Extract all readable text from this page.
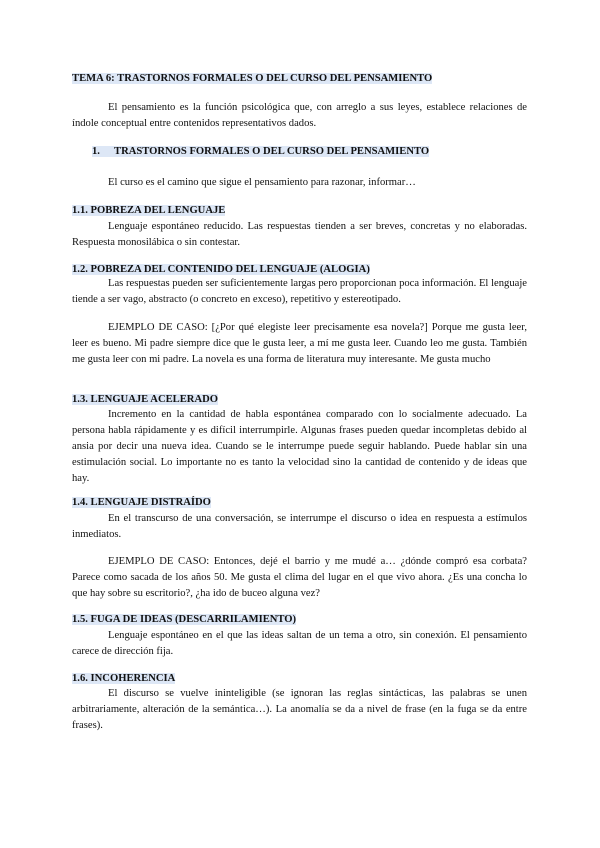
TEMA 6: TRASTORNOS FORMALES O DEL CURSO DEL PENSAMIENTO

El pensamiento es la función psicológica que, con arreglo a sus leyes, establece relaciones de índole conceptual entre contenidos representativos dados.

1. TRASTORNOS FORMALES O DEL CURSO DEL PENSAMIENTO

El curso es el camino que sigue el pensamiento para razonar, informar…

1.1. POBREZA DEL LENGUAJE

Lenguaje espontáneo reducido. Las respuestas tienden a ser breves, concretas y no elaboradas. Respuesta monosilábica o sin contestar.

1.2. POBREZA DEL CONTENIDO DEL LENGUAJE (ALOGIA)

Las respuestas pueden ser suficientemente largas pero proporcionan poca información. El lenguaje tiende a ser vago, abstracto (o concreto en exceso), repetitivo y estereotipado.

EJEMPLO DE CASO: [¿Por qué elegiste leer precisamente esa novela?] Porque me gusta leer, leer es bueno. Mi padre siempre dice que le gusta leer, a mí me gusta leer. Cuando leo me gusta. También me gusta leer con mi padre. La novela es una forma de literatura muy interesante. Me gusta mucho

1.3. LENGUAJE ACELERADO

Incremento en la cantidad de habla espontánea comparado con lo socialmente adecuado. La persona habla rápidamente y es difícil interrumpirle. Algunas frases pueden quedar incompletas debido al ansia por decir una nueva idea. Cuando se le interrumpe puede seguir hablando. Puede hablar sin una estimulación social. Lo importante no es tanto la velocidad sino la cantidad de contenido y de ideas que hay.

1.4. LENGUAJE DISTRAÍDO

En el transcurso de una conversación, se interrumpe el discurso o idea en respuesta a estímulos inmediatos.

EJEMPLO DE CASO: Entonces, dejé el barrio y me mudé a… ¿dónde compró esa corbata? Parece como sacada de los años 50. Me gusta el clima del lugar en el que vivo ahora. ¿Es una concha lo que hay sobre su escritorio?, ¿ha ido de buceo alguna vez?

1.5. FUGA DE IDEAS (DESCARRILAMIENTO)

Lenguaje espontáneo en el que las ideas saltan de un tema a otro, sin conexión. El pensamiento carece de dirección fija.

1.6. INCOHERENCIA

El discurso se vuelve ininteligible (se ignoran las reglas sintácticas, las palabras se unen arbitrariamente, alteración de la semántica…). La anomalía se da a nivel de frase (en la fuga se da entre frases).
